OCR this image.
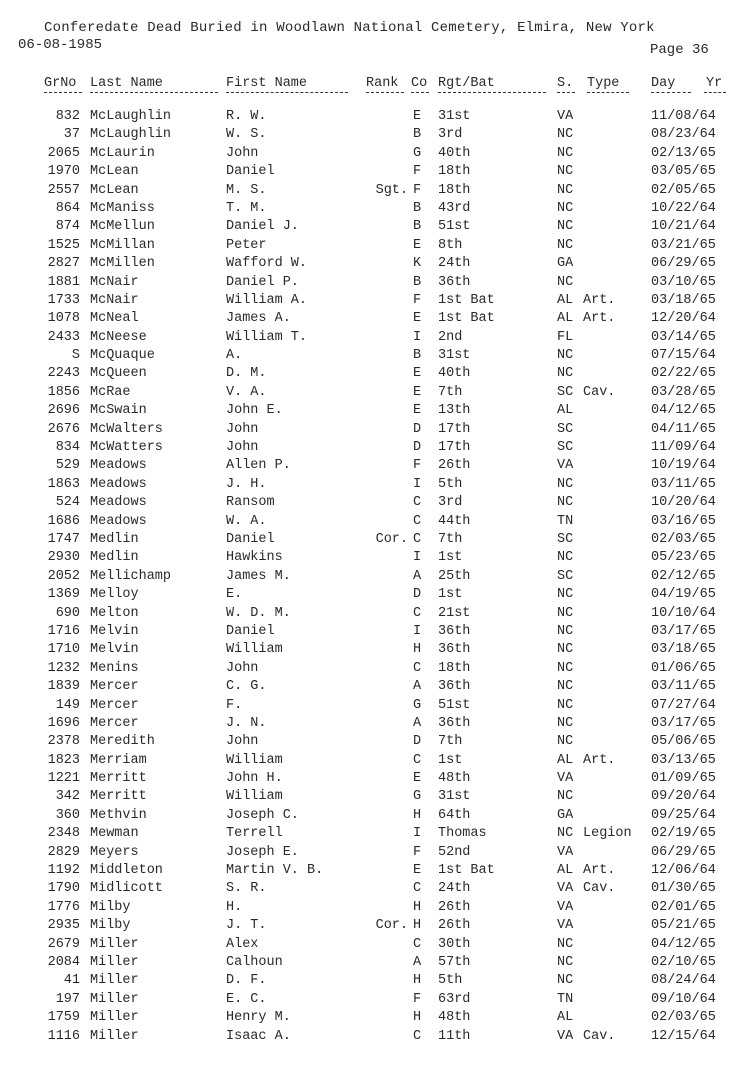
Conferedate Dead Buried in Woodlawn National Cemetery, Elmira, New York
06-08-1985	Page 36
GrNo Last Name	First Name	Rank Co Rgt/Bat	S. Type Day Yr
832 McLaughlin	R. W.	E 31st	VA	11/08/64
37 McLaughlin	W. S.	B 3rd	NC	08/23/64
2065 McLaurin	John	G 40th	NC	02/13/65
1970 McLean	Daniel	F 18th	NC	03/05/65
2557 McLean	M. S.	Sgt. F 18th	NC	02/05/65
864 McManiss	T. M.	B 43rd	NC	10/22/64
874 McMellun	Daniel J.	B 51st	NC	10/21/64
1525 McMillan	Peter	E 8th	NC	03/21/65
2827 McMillen	Wafford W.	K 24th	GA	06/29/65
1881 McNair	Daniel P.	B 36th	NC	03/10/65
1733 McNair	William A.	F 1st Bat	AL Art.	03/18/65
1078 McNeal	James A.	E 1st Bat	AL Art.	12/20/64
2433 McNeese	William T.	I 2nd	FL	03/14/65
S McQuaque	A.	B 31st	NC	07/15/64
2243 McQueen	D. M.	E 40th	NC	02/22/65
1856 McRae	V. A.	E 7th	SC Cav.	03/28/65
2696 McSwain	John E.	E 13th	AL	04/12/65
2676 McWalters	John	D 17th	SC	04/11/65
834 McWatters	John	D 17th	SC	11/09/64
529 Meadows	Allen P.	F 26th	VA	10/19/64
1863 Meadows	J. H.	I 5th	NC	03/11/65
524 Meadows	Ransom	C 3rd	NC	10/20/64
1686 Meadows	W. A.	C 44th	TN	03/16/65
1747 Medlin	Daniel	Cor. C 7th	SC	02/03/65
2930 Medlin	Hawkins	I 1st	NC	05/23/65
2052 Mellichamp	James M.	A 25th	SC	02/12/65
1369 Melloy	E.	D 1st	NC	04/19/65
690 Melton	W. D. M.	C 21st	NC	10/10/64
1716 Melvin	Daniel	I 36th	NC	03/17/65
1710 Melvin	William	H 36th	NC	03/18/65
1232 Menins	John	C 18th	NC	01/06/65
1839 Mercer	C. G.	A 36th	NC	03/11/65
149 Mercer	F.	G 51st	NC	07/27/64
1696 Mercer	J. N.	A 36th	NC	03/17/65
2378 Meredith	John	D 7th	NC	05/06/65
1823 Merriam	William	C 1st	AL Art.	03/13/65
1221 Merritt	John H.	E 48th	VA	01/09/65
342 Merritt	William	G 31st	NC	09/20/64
360 Methvin	Joseph C.	H 64th	GA	09/25/64
2348 Mewman	Terrell	I Thomas	NC Legion 02/19/65
2829 Meyers	Joseph E.	F 52nd	VA	06/29/65
1192 Middleton	Martin V. B.	E 1st Bat	AL Art.	12/06/64
1790 Midlicott	S. R.	C 24th	VA Cav.	01/30/65
1776 Milby	H.	H 26th	VA	02/01/65
2935 Milby	J. T.	Cor. H 26th	VA	05/21/65
2679 Miller	Alex	C 30th	NC	04/12/65
2084 Miller	Calhoun	A 57th	NC	02/10/65
41 Miller	D. F.	H 5th	NC	08/24/64
197 Miller	E. C.	F 63rd	TN	09/10/64
1759 Miller	Henry M.	H 48th	AL	02/03/65
1116 Miller	Isaac A.	C 11th	VA Cav.	12/15/64
